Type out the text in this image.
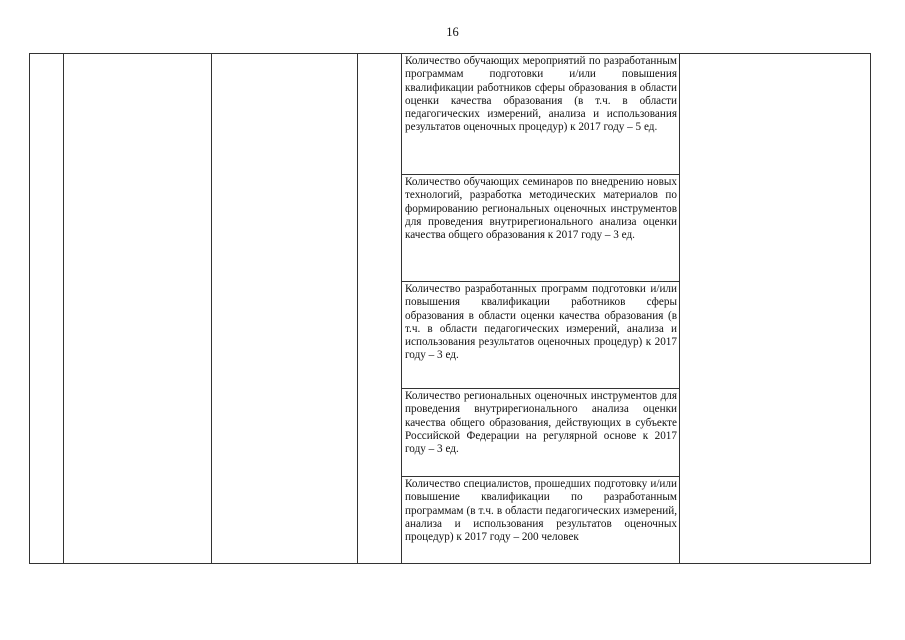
16

Количество обучающих мероприятий по разработанным программам подготовки и/или повышения квалификации работников сферы образования в области оценки качества образования (в т.ч. в области педагогических измерений, анализа и использования результатов оценочных процедур) к 2017 году – 5 ед.

Количество обучающих семинаров по внедрению новых технологий, разработка методических материалов по формированию региональных оценочных инструментов для проведения внутрирегионального анализа оценки качества общего образования к 2017 году – 3 ед.

Количество разработанных программ подготовки и/или повышения квалификации работников сферы образования в области оценки качества образования (в т.ч. в области педагогических измерений, анализа и использования результатов оценочных процедур) к 2017 году – 3 ед.

Количество региональных оценочных инструментов для проведения внутрирегионального анализа оценки качества общего образования, действующих в субъекте Российской Федерации на регулярной основе к 2017 году – 3 ед.

Количество специалистов, прошедших подготовку и/или повышение квалификации по разработанным программам (в т.ч. в области педагогических измерений, анализа и использования результатов оценочных процедур) к 2017 году – 200 человек
